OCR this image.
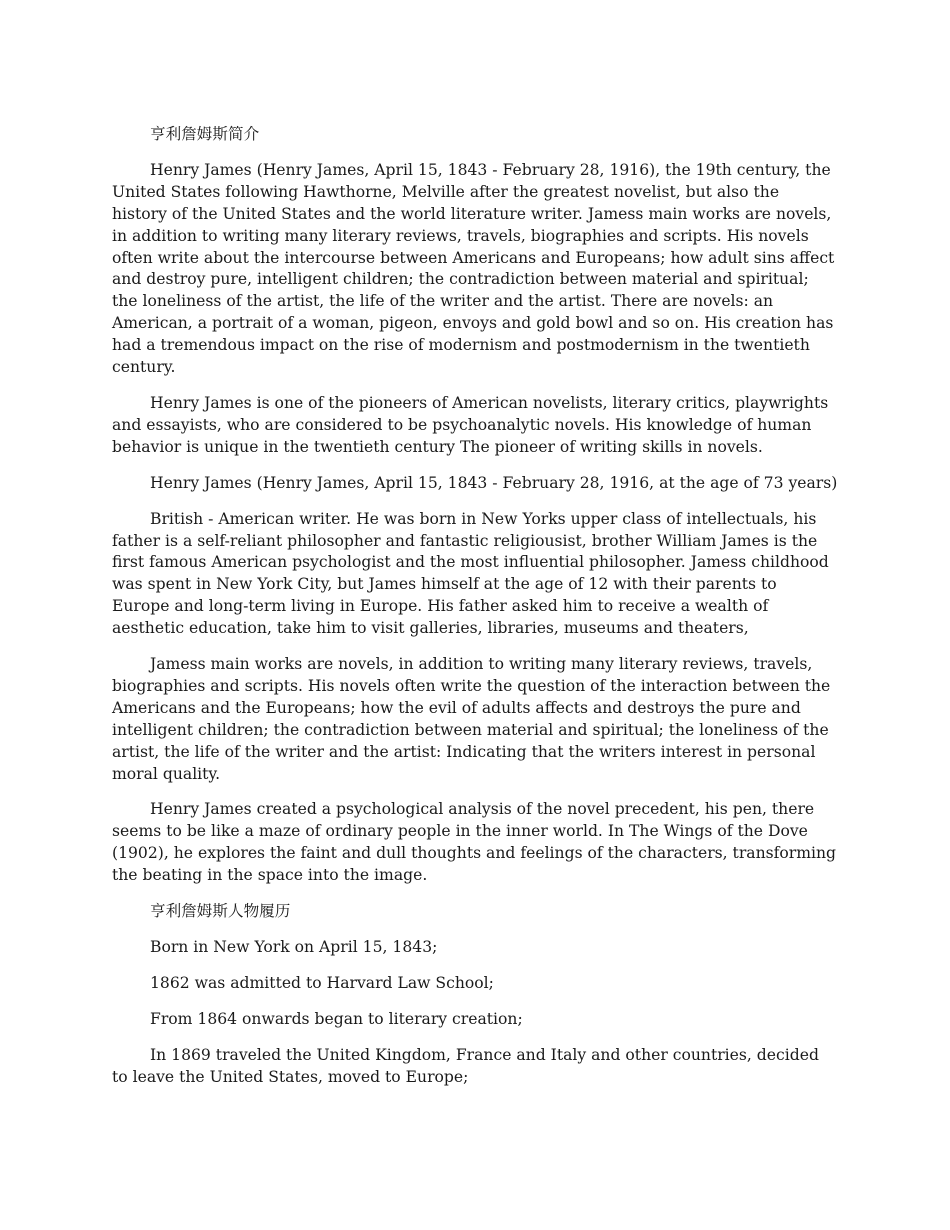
亨利詹姆斯简介

Henry James (Henry James, April 15, 1843 - February 28, 1916), the 19th century, the United States following Hawthorne, Melville after the greatest novelist, but also the history of the United States and the world literature writer. Jamess main works are novels, in addition to writing many literary reviews, travels, biographies and scripts. His novels often write about the intercourse between Americans and Europeans; how adult sins affect and destroy pure, intelligent children; the contradiction between material and spiritual; the loneliness of the artist, the life of the writer and the artist. There are novels: an American, a portrait of a woman, pigeon, envoys and gold bowl and so on. His creation has had a tremendous impact on the rise of modernism and postmodernism in the twentieth century.

Henry James is one of the pioneers of American novelists, literary critics, playwrights and essayists, who are considered to be psychoanalytic novels. His knowledge of human behavior is unique in the twentieth century The pioneer of writing skills in novels.

Henry James (Henry James, April 15, 1843 - February 28, 1916, at the age of 73 years)

British - American writer. He was born in New Yorks upper class of intellectuals, his father is a self-reliant philosopher and fantastic religiousist, brother William James is the first famous American psychologist and the most influential philosopher. Jamess childhood was spent in New York City, but James himself at the age of 12 with their parents to Europe and long-term living in Europe. His father asked him to receive a wealth of aesthetic education, take him to visit galleries, libraries, museums and theaters,

Jamess main works are novels, in addition to writing many literary reviews, travels, biographies and scripts. His novels often write the question of the interaction between the Americans and the Europeans; how the evil of adults affects and destroys the pure and intelligent children; the contradiction between material and spiritual; the loneliness of the artist, the life of the writer and the artist: Indicating that the writers interest in personal moral quality.

Henry James created a psychological analysis of the novel precedent, his pen, there seems to be like a maze of ordinary people in the inner world. In The Wings of the Dove (1902), he explores the faint and dull thoughts and feelings of the characters, transforming the beating in the space into the image.

亨利詹姆斯人物履历

Born in New York on April 15, 1843;

1862 was admitted to Harvard Law School;

From 1864 onwards began to literary creation;

In 1869 traveled the United Kingdom, France and Italy and other countries, decided to leave the United States, moved to Europe;
